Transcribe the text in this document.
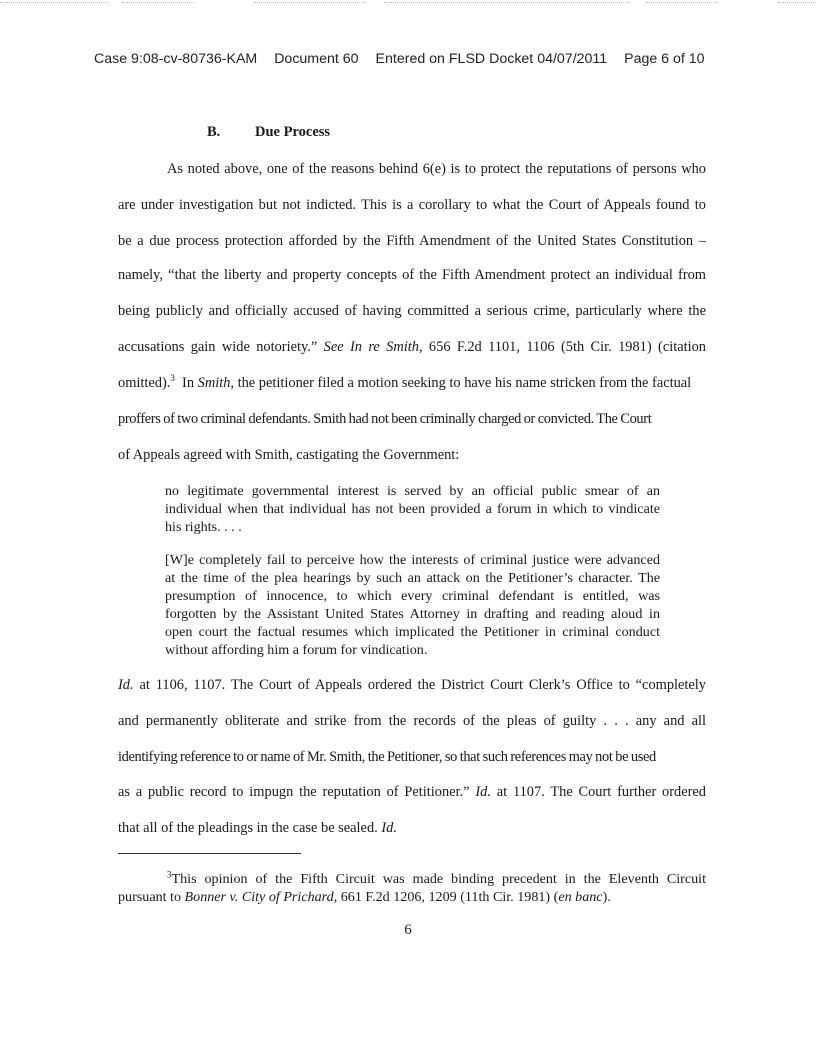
Case 9:08-cv-80736-KAM Document 60 Entered on FLSD Docket 04/07/2011 Page 6 of 10
B. Due Process
As noted above, one of the reasons behind 6(e) is to protect the reputations of persons who
are under investigation but not indicted. This is a corollary to what the Court of Appeals found to
be a due process protection afforded by the Fifth Amendment of the United States Constitution –
namely, “that the liberty and property concepts of the Fifth Amendment protect an individual from
being publicly and officially accused of having committed a serious crime, particularly where the
accusations gain wide notoriety.” See In re Smith, 656 F.2d 1101, 1106 (5th Cir. 1981) (citation
omitted).$^3$  In Smith, the petitioner filed a motion seeking to have his name stricken from the factual
proffers of two criminal defendants. Smith had not been criminally charged or convicted. The Court
of Appeals agreed with Smith, castigating the Government:
no legitimate governmental interest is served by an official public smear of an
individual when that individual has not been provided a forum in which to vindicate
his rights. . . .
[W]e completely fail to perceive how the interests of criminal justice were advanced
at the time of the plea hearings by such an attack on the Petitioner’s character. The
presumption of innocence, to which every criminal defendant is entitled, was
forgotten by the Assistant United States Attorney in drafting and reading aloud in
open court the factual resumes which implicated the Petitioner in criminal conduct
without affording him a forum for vindication.
Id. at 1106, 1107. The Court of Appeals ordered the District Court Clerk’s Office to “completely
and permanently obliterate and strike from the records of the pleas of guilty . . . any and all
identifying reference to or name of Mr. Smith, the Petitioner, so that such references may not be used
as a public record to impugn the reputation of Petitioner.” Id. at 1107. The Court further ordered
that all of the pleadings in the case be sealed. Id.
$^3$This opinion of the Fifth Circuit was made binding precedent in the Eleventh Circuit
pursuant to Bonner v. City of Prichard, 661 F.2d 1206, 1209 (11th Cir. 1981) (en banc).
6
